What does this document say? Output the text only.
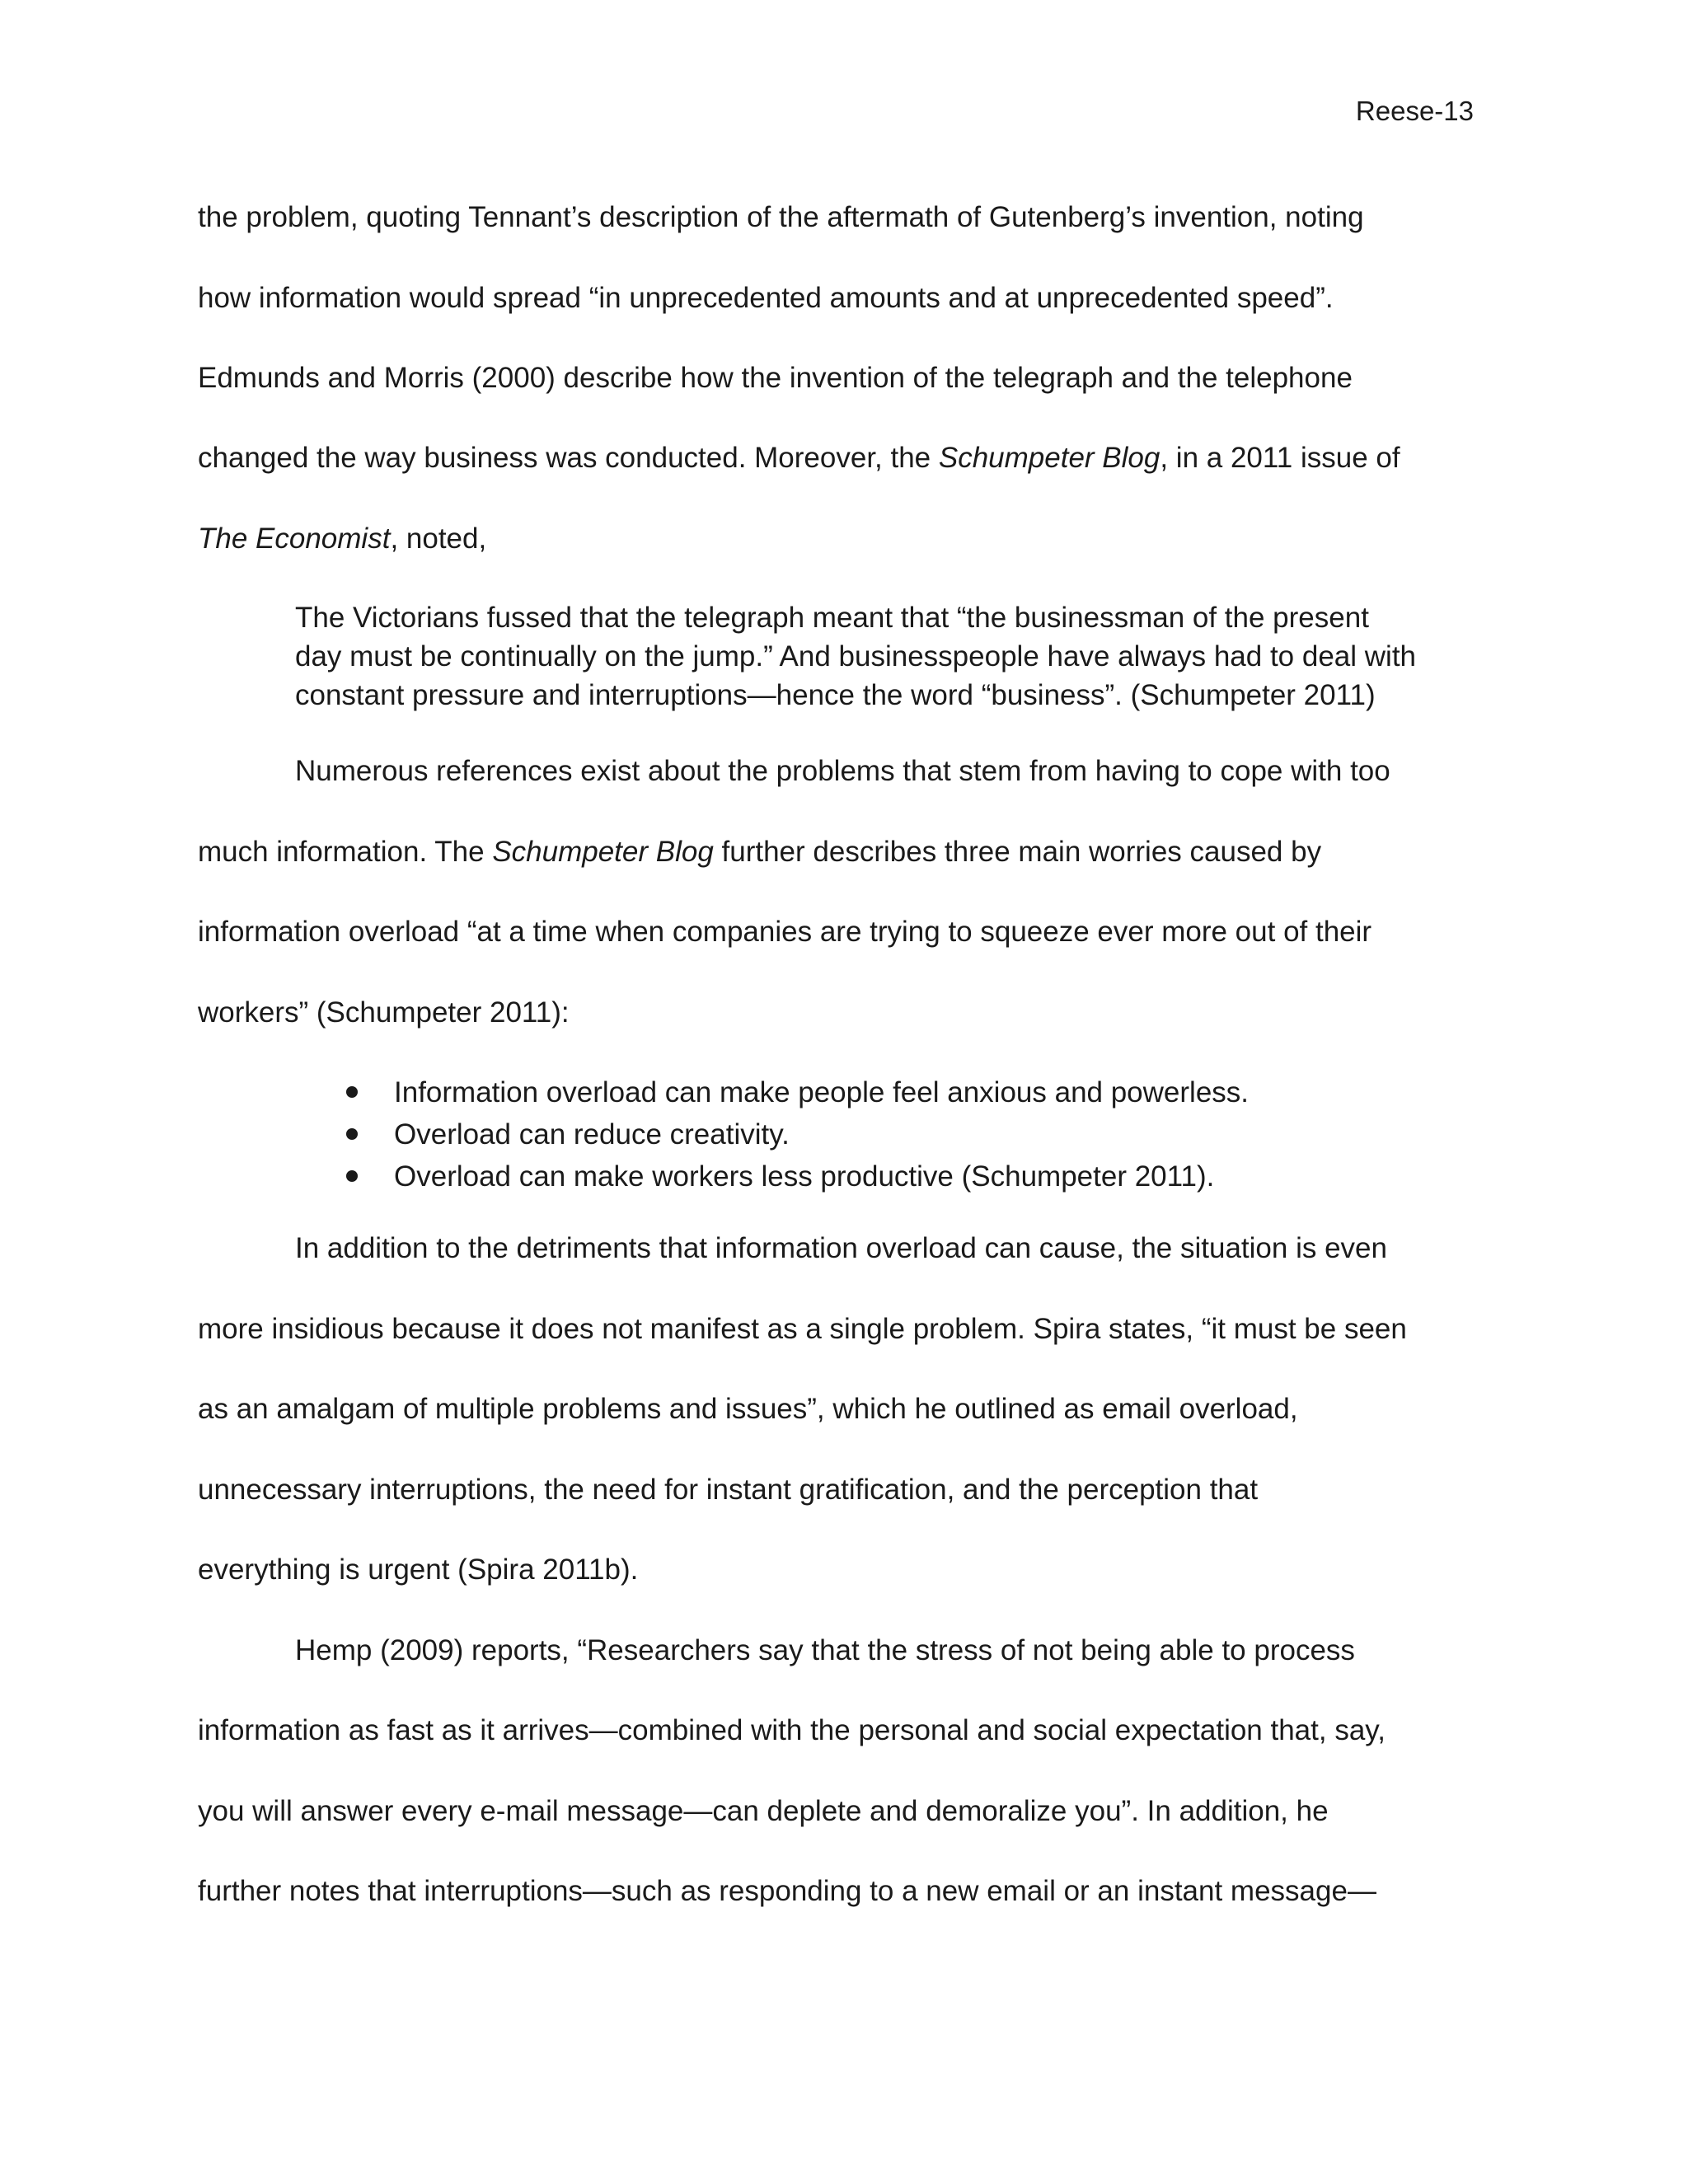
Reese-13
the problem, quoting Tennant’s description of the aftermath of Gutenberg’s invention, noting
how information would spread “in unprecedented amounts and at unprecedented speed”.
Edmunds and Morris (2000) describe how the invention of the telegraph and the telephone
changed the way business was conducted. Moreover, the Schumpeter Blog, in a 2011 issue of
The Economist, noted,
The Victorians fussed that the telegraph meant that “the businessman of the present
day must be continually on the jump.” And businesspeople have always had to deal with
constant pressure and interruptions—hence the word “business”. (Schumpeter 2011)
Numerous references exist about the problems that stem from having to cope with too
much information. The Schumpeter Blog further describes three main worries caused by
information overload “at a time when companies are trying to squeeze ever more out of their
workers” (Schumpeter 2011):
Information overload can make people feel anxious and powerless.
Overload can reduce creativity.
Overload can make workers less productive (Schumpeter 2011).
In addition to the detriments that information overload can cause, the situation is even
more insidious because it does not manifest as a single problem. Spira states, “it must be seen
as an amalgam of multiple problems and issues”, which he outlined as email overload,
unnecessary interruptions, the need for instant gratification, and the perception that
everything is urgent (Spira 2011b).
Hemp (2009) reports, “Researchers say that the stress of not being able to process
information as fast as it arrives—combined with the personal and social expectation that, say,
you will answer every e-mail message—can deplete and demoralize you”. In addition, he
further notes that interruptions—such as responding to a new email or an instant message—
